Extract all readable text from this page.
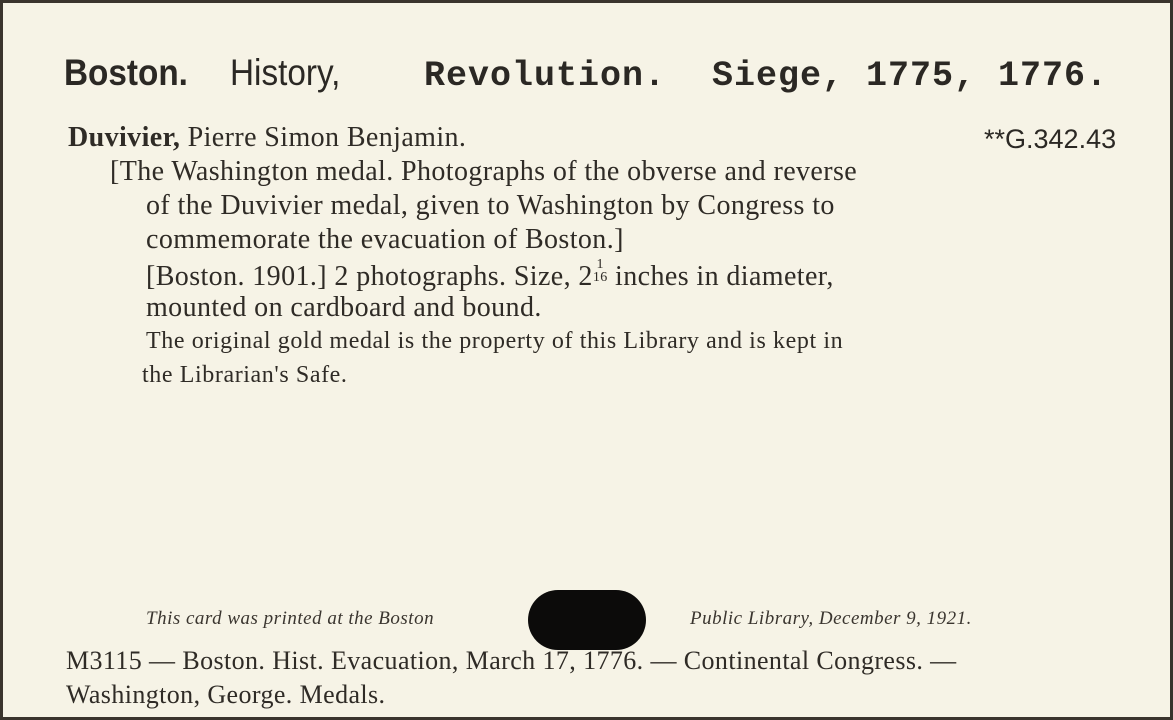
Boston. History, Revolution. Siege, 1775, 1776.
Duvivier, Pierre Simon Benjamin.	**G.342.43
[The Washington medal. Photographs of the obverse and reverse
of the Duvivier medal, given to Washington by Congress to
commemorate the evacuation of Boston.]
[Boston. 1901.] 2 photographs. Size, 2 1
16 inches in diameter,
mounted on cardboard and bound.
The original gold medal is the property of this Library and is kept in
the Librarian's Safe.
This card was printed at the Boston	Public Library, December 9, 1921.
M3115 — Boston. Hist. Evacuation, March 17, 1776. — Continental Congress. —
Washington, George. Medals.
